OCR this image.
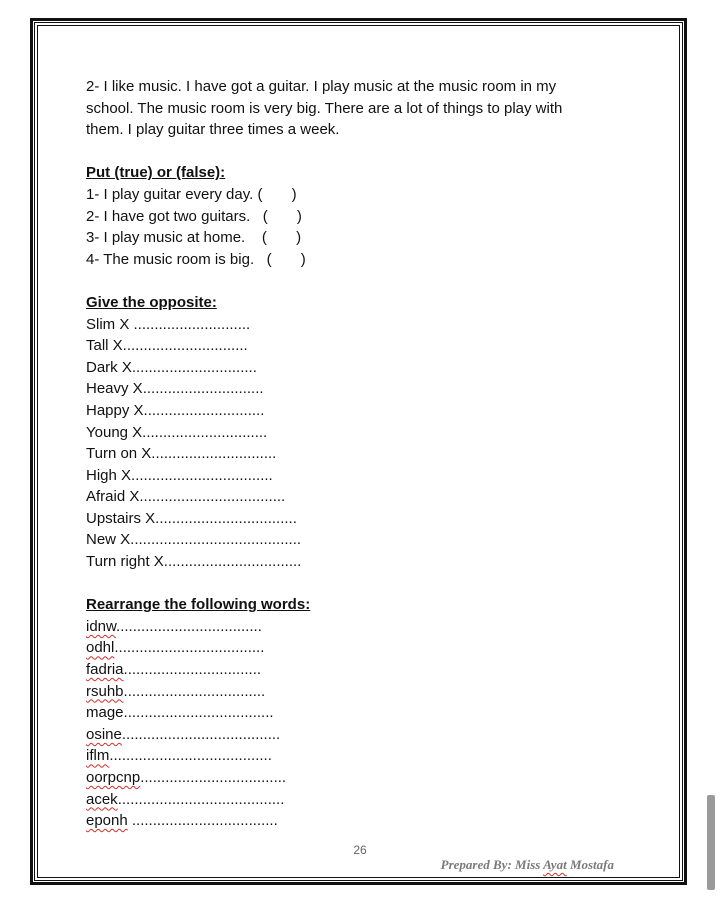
2- I like music. I have got a guitar. I play music at the music room in my

school. The music room is very big. There are a lot of things to play with

them. I play guitar three times a week.

Put (true) or (false):

1- I play guitar every day. (       )

2- I have got two guitars.   (       )

3- I play music at home.    (       )

4- The music room is big.   (       )

Give the opposite:

Slim X ............................

Tall X..............................

Dark X..............................

Heavy X.............................

Happy X.............................

Young X..............................

Turn on X..............................

High X..................................

Afraid X...................................

Upstairs X..................................

New X.........................................

Turn right X.................................

Rearrange the following words:

idnw...................................

odhl....................................

fadria.................................

rsuhb..................................

mage....................................

osine......................................

iflm.......................................

oorpcnp...................................

acek........................................

eponh ...................................

26
Prepared By: Miss Ayat Mostafa
